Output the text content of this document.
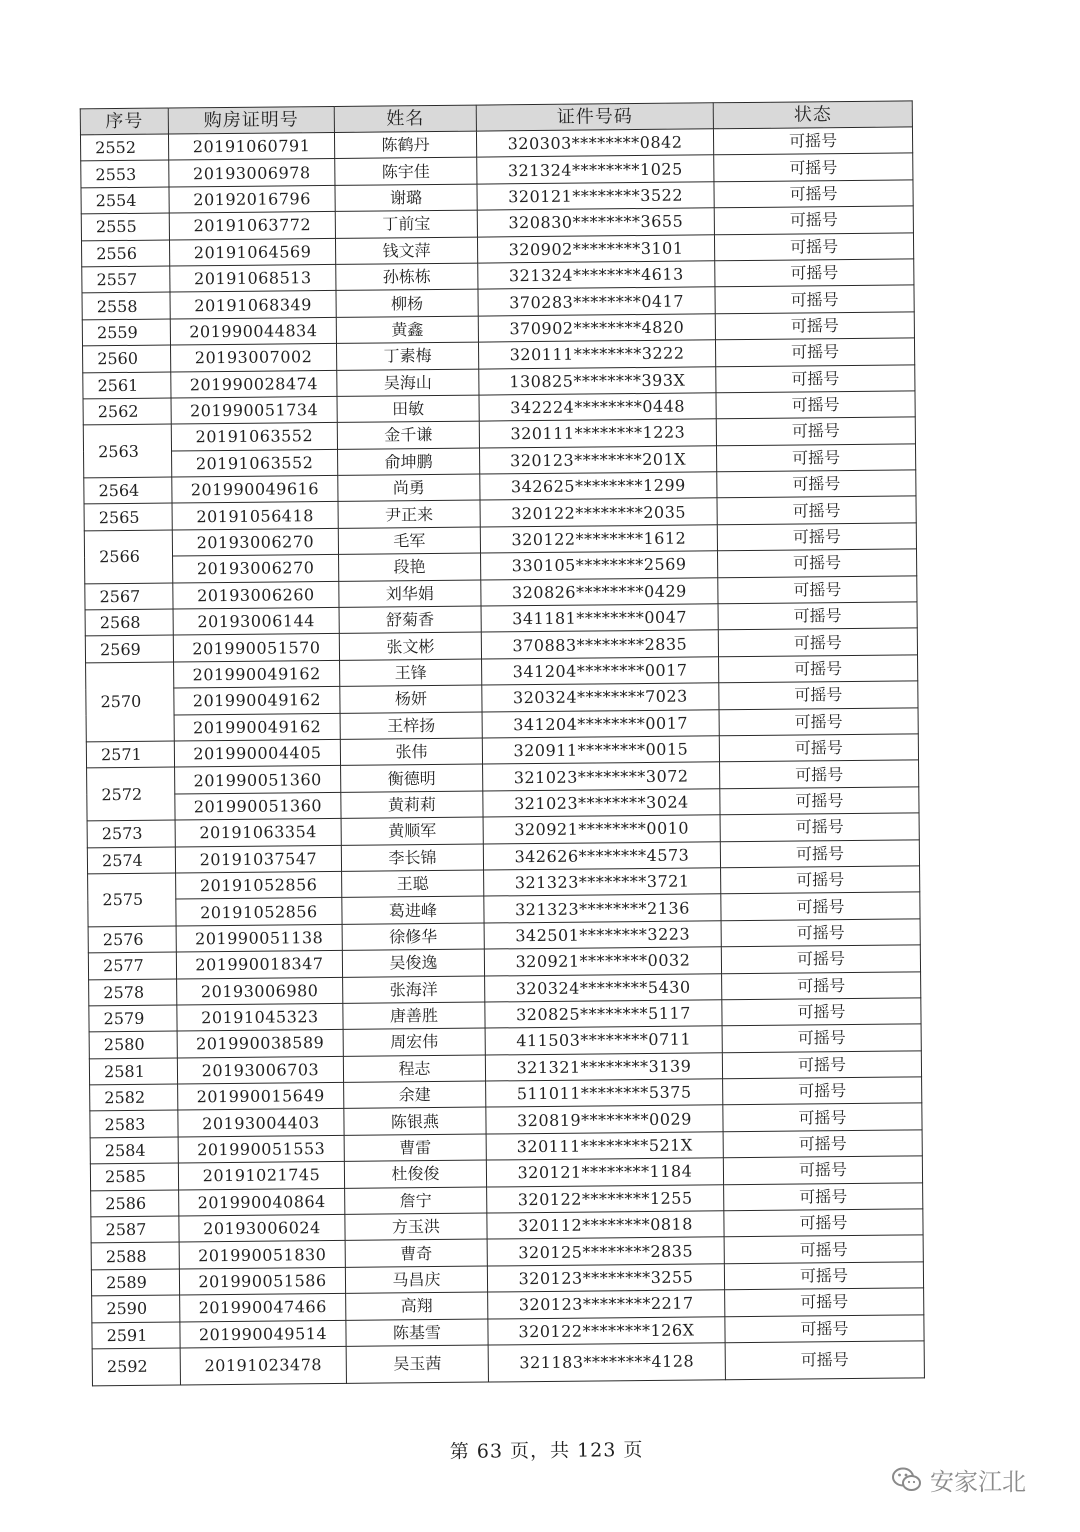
序号	购房证明号	姓名	证件号码	状态
2552	20191060791	陈鹤丹	320303********0842	可摇号
2553	20193006978	陈宇佳	321324********1025	可摇号
2554	20192016796	谢璐	320121********3522	可摇号
2555	20191063772	丁前宝	320830********3655	可摇号
2556	20191064569	钱文萍	320902********3101	可摇号
2557	20191068513	孙栋栋	321324********4613	可摇号
2558	20191068349	柳杨	370283********0417	可摇号
2559	201990044834	黄鑫	370902********4820	可摇号
2560	20193007002	丁素梅	320111********3222	可摇号
2561	201990028474	吴海山	130825********393X	可摇号
2562	201990051734	田敏	342224********0448	可摇号
2563	20191063552	金千谦	320111********1223	可摇号
	20191063552	俞坤鹏	320123********201X	可摇号
2564	201990049616	尚勇	342625********1299	可摇号
2565	20191056418	尹正来	320122********2035	可摇号
2566	20193006270	毛军	320122********1612	可摇号
	20193006270	段艳	330105********2569	可摇号
2567	20193006260	刘华娟	320826********0429	可摇号
2568	20193006144	舒菊香	341181********0047	可摇号
2569	201990051570	张文彬	370883********2835	可摇号
2570	201990049162	王锋	341204********0017	可摇号
	201990049162	杨妍	320324********7023	可摇号
	201990049162	王梓扬	341204********0017	可摇号
2571	201990004405	张伟	320911********0015	可摇号
2572	201990051360	衡德明	321023********3072	可摇号
	201990051360	黄莉莉	321023********3024	可摇号
2573	20191063354	黄顺军	320921********0010	可摇号
2574	20191037547	李长锦	342626********4573	可摇号
2575	20191052856	王聪	321323********3721	可摇号
	20191052856	葛进峰	321323********2136	可摇号
2576	201990051138	徐修华	342501********3223	可摇号
2577	201990018347	吴俊逸	320921********0032	可摇号
2578	20193006980	张海洋	320324********5430	可摇号
2579	20191045323	唐善胜	320825********5117	可摇号
2580	201990038589	周宏伟	411503********0711	可摇号
2581	20193006703	程志	321321********3139	可摇号
2582	201990015649	余建	511011********5375	可摇号
2583	20193004403	陈银燕	320819********0029	可摇号
2584	201990051553	曹雷	320111********521X	可摇号
2585	20191021745	杜俊俊	320121********1184	可摇号
2586	201990040864	詹宁	320122********1255	可摇号
2587	20193006024	方玉洪	320112********0818	可摇号
2588	201990051830	曹奇	320125********2835	可摇号
2589	201990051586	马昌庆	320123********3255	可摇号
2590	201990047466	高翔	320123********2217	可摇号
2591	201990049514	陈基雪	320122********126X	可摇号
2592	20191023478	吴玉茜	321183********4128	可摇号
第 63 页，共 123 页
安家江北
